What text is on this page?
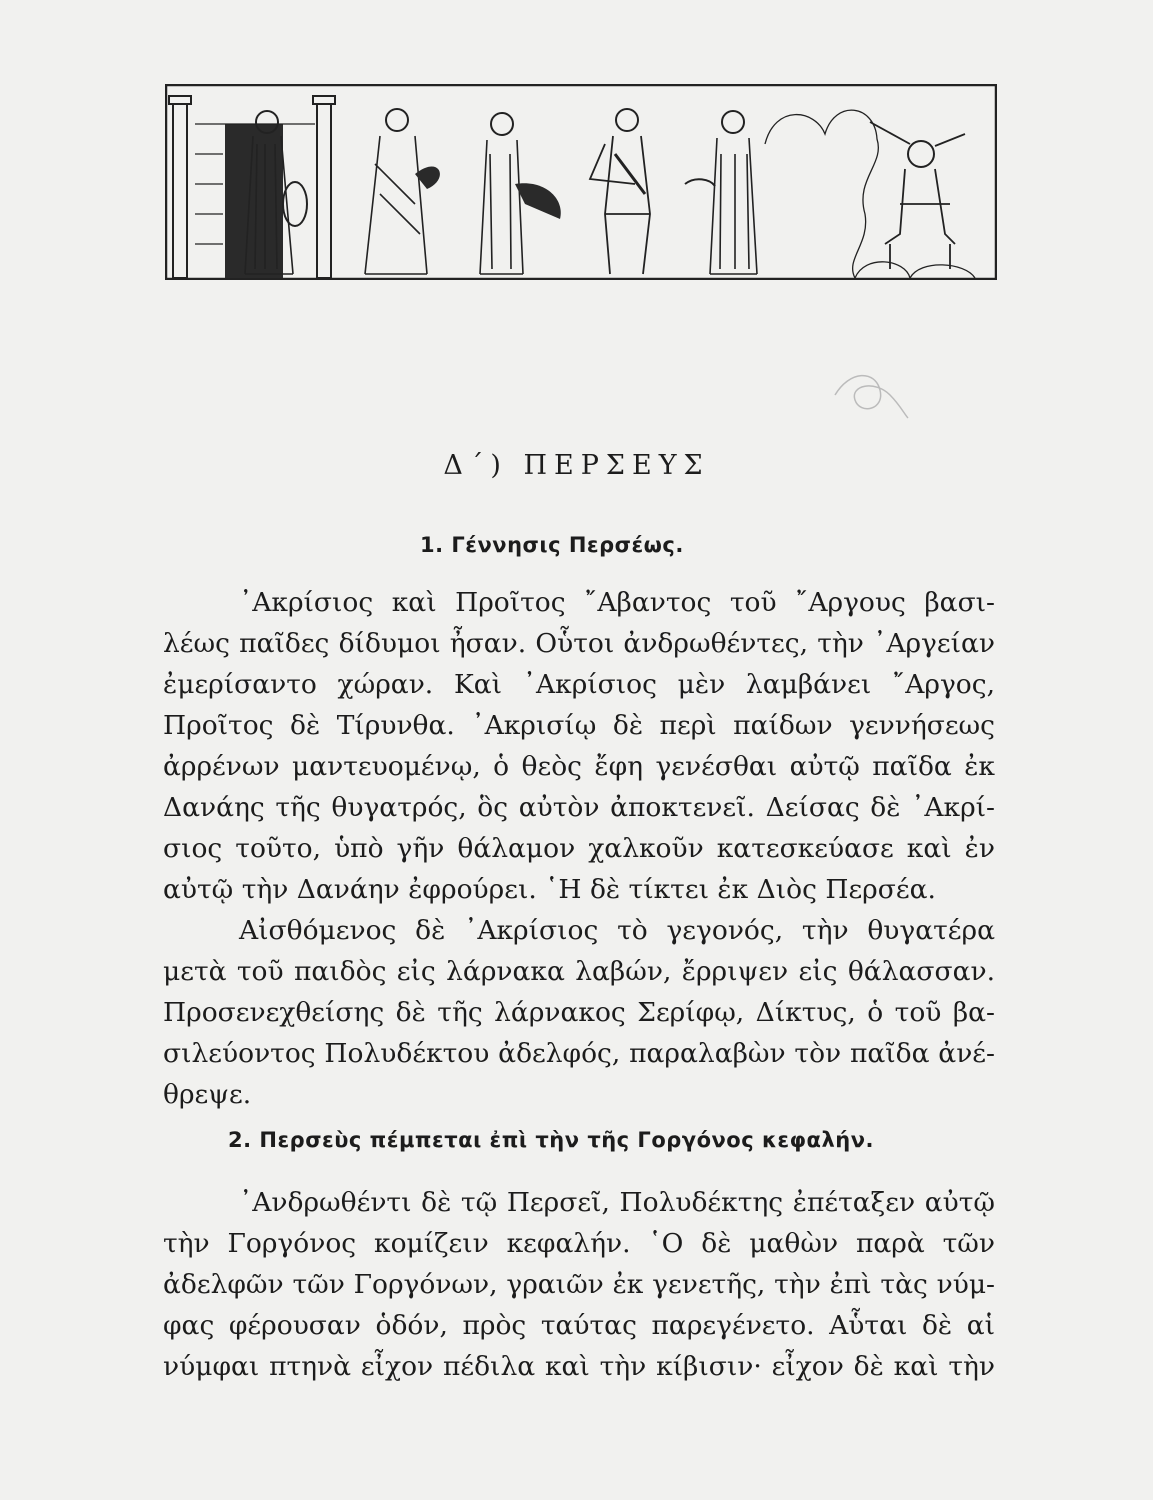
Δ΄) ΠΕΡΣΕΥΣ
1. Γέννησις Περσέως.
᾿Ακρίσιος καὶ Προῖτος ῎Αβαντος τοῦ ῎Αργους βασι-
λέως παῖδες δίδυμοι ἦσαν. Οὗτοι ἀνδρωθέντες, τὴν ᾿Αργείαν
ἐμερίσαντο χώραν. Καὶ ᾿Ακρίσιος μὲν λαμβάνει ῎Αργος,
Προῖτος δὲ Τίρυνθα. ᾿Ακρισίῳ δὲ περὶ παίδων γεννήσεως
ἀρρένων μαντευομένῳ, ὁ θεὸς ἔφη γενέσθαι αὐτῷ παῖδα ἐκ
Δανάης τῆς θυγατρός, ὃς αὐτὸν ἀποκτενεῖ. Δείσας δὲ ᾿Ακρί-
σιος τοῦτο, ὑπὸ γῆν θάλαμον χαλκοῦν κατεσκεύασε καὶ ἐν
αὐτῷ τὴν Δανάην ἐφρούρει. ῾Η δὲ τίκτει ἐκ Διὸς Περσέα.
Αἰσθόμενος δὲ ᾿Ακρίσιος τὸ γεγονός, τὴν θυγατέρα
μετὰ τοῦ παιδὸς εἰς λάρνακα λαβών, ἔρριψεν εἰς θάλασσαν.
Προσενεχθείσης δὲ τῆς λάρνακος Σερίφῳ, Δίκτυς, ὁ τοῦ βα-
σιλεύοντος Πολυδέκτου ἀδελφός, παραλαβὼν τὸν παῖδα ἀνέ-
θρεψε.
2. Περσεὺς πέμπεται ἐπὶ τὴν τῆς Γοργόνος κεφαλήν.
᾿Ανδρωθέντι δὲ τῷ Περσεῖ, Πολυδέκτης ἐπέταξεν αὐτῷ
τὴν Γοργόνος κομίζειν κεφαλήν. ῾Ο δὲ μαθὼν παρὰ τῶν
ἀδελφῶν τῶν Γοργόνων, γραιῶν ἐκ γενετῆς, τὴν ἐπὶ τὰς νύμ-
φας φέρουσαν ὁδόν, πρὸς ταύτας παρεγένετο. Αὗται δὲ αἱ
νύμφαι πτηνὰ εἶχον πέδιλα καὶ τὴν κίβισιν· εἶχον δὲ καὶ τὴν
